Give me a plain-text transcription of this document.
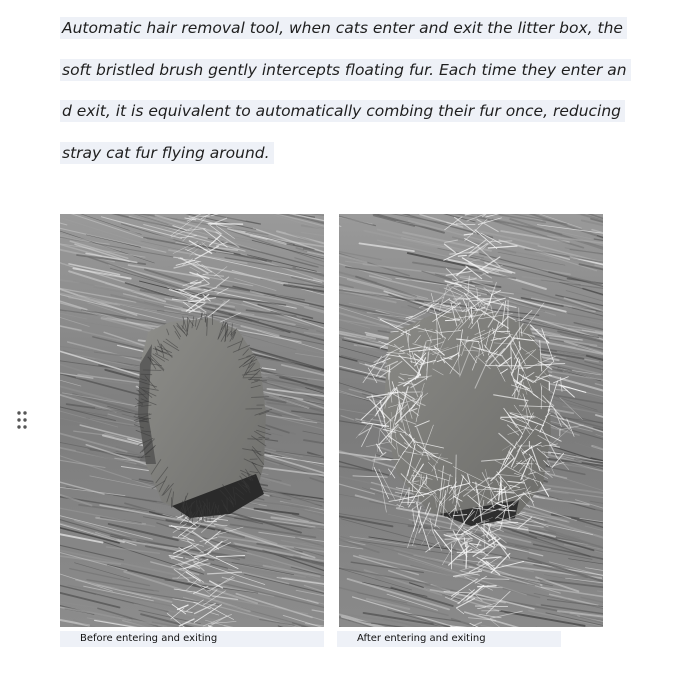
Automatic hair removal tool, when cats enter and exit the litter box, the
soft bristled brush gently intercepts floating fur. Each time they enter an
d exit, it is equivalent to automatically combing their fur once, reducing
stray cat fur flying around.
Before entering and exiting	After entering and exiting
